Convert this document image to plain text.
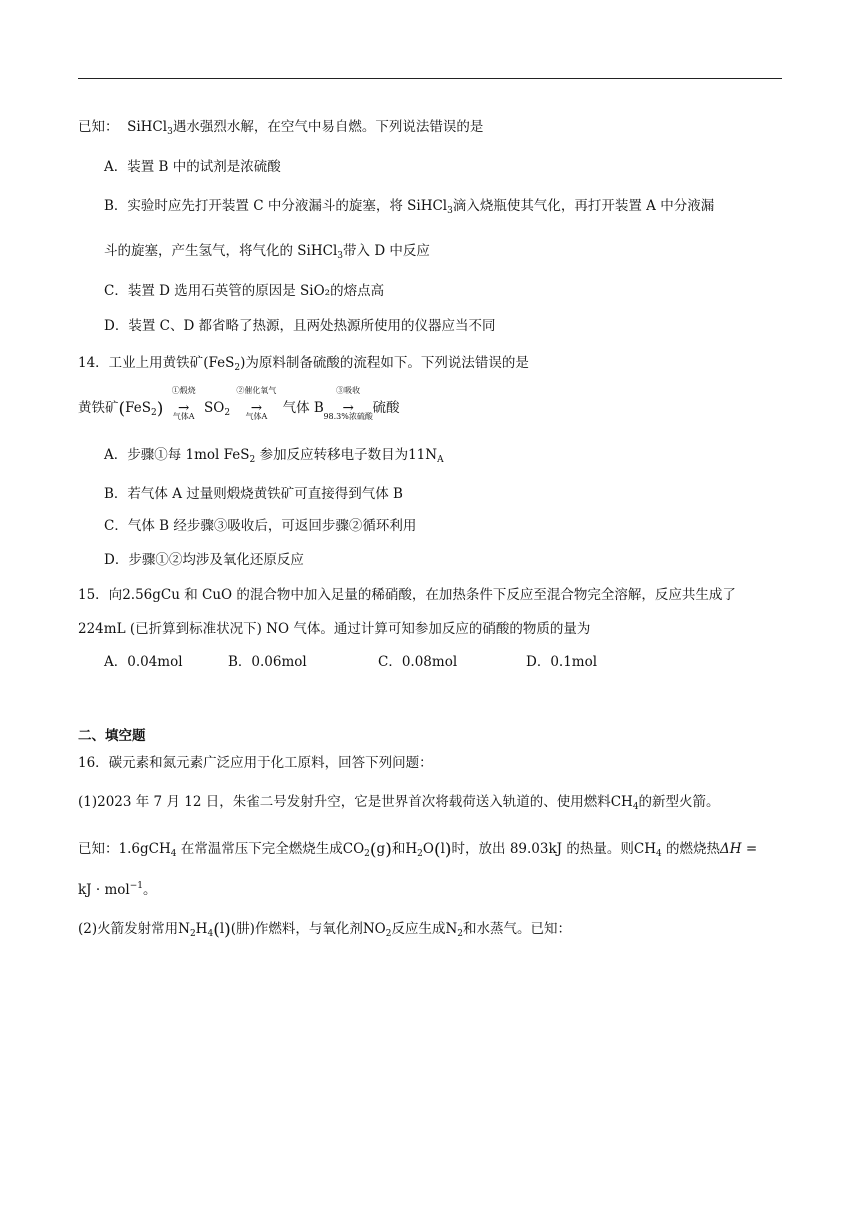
已知： SiHCl$_3$遇水强烈水解，在空气中易自燃。下列说法错误的是
A．装置 B 中的试剂是浓硫酸
B．实验时应先打开装置 C 中分液漏斗的旋塞，将 SiHCl$_3$滴入烧瓶使其气化，再打开装置 A 中分液漏
斗的旋塞，产生氢气，将气化的 SiHCl$_3$带入 D 中反应
C．装置 D 选用石英管的原因是 SiO₂的熔点高
D．装置 C、D 都省略了热源，且两处热源所使用的仪器应当不同
14．工业上用黄铁矿(FeS$_2$)为原料制备硫酸的流程如下。下列说法错误的是
黄铁矿(FeS$_2$)
①煅烧
→
气体A
$SO_2$
②催化氧气
→
气体A
气体 B
③吸收
→
98.3%浓硫酸
硫酸
A．步骤①每 1mol FeS$_2$ 参加反应转移电子数目为$11N_A$
B．若气体 A 过量则煅烧黄铁矿可直接得到气体 B
C．气体 B 经步骤③吸收后，可返回步骤②循环利用
D．步骤①②均涉及氧化还原反应
15．向2.56gCu 和 CuO 的混合物中加入足量的稀硝酸，在加热条件下反应至混合物完全溶解，反应共生成了
224mL (已折算到标准状况下) NO 气体。通过计算可知参加反应的硝酸的物质的量为
A．0.04mol	B．0.06mol	C．0.08mol	D．0.1mol
二、填空题
16．碳元素和氮元素广泛应用于化工原料，回答下列问题：
(1)2023 年 7 月 12 日，朱雀二号发射升空，它是世界首次将载荷送入轨道的、使用燃料$CH_4$的新型火箭。
已知：1.6gCH$_4$ 在常温常压下完全燃烧生成$CO_2(g)$和$H_2O(l)$时，放出 89.03kJ 的热量。则$CH_4$ 的燃烧热ΔH =
kJ · mol$^{-1}$。
(2)火箭发射常用$N_2H_4(l)$(肼)作燃料，与氧化剂$NO_2$反应生成$N_2$和水蒸气。已知：
